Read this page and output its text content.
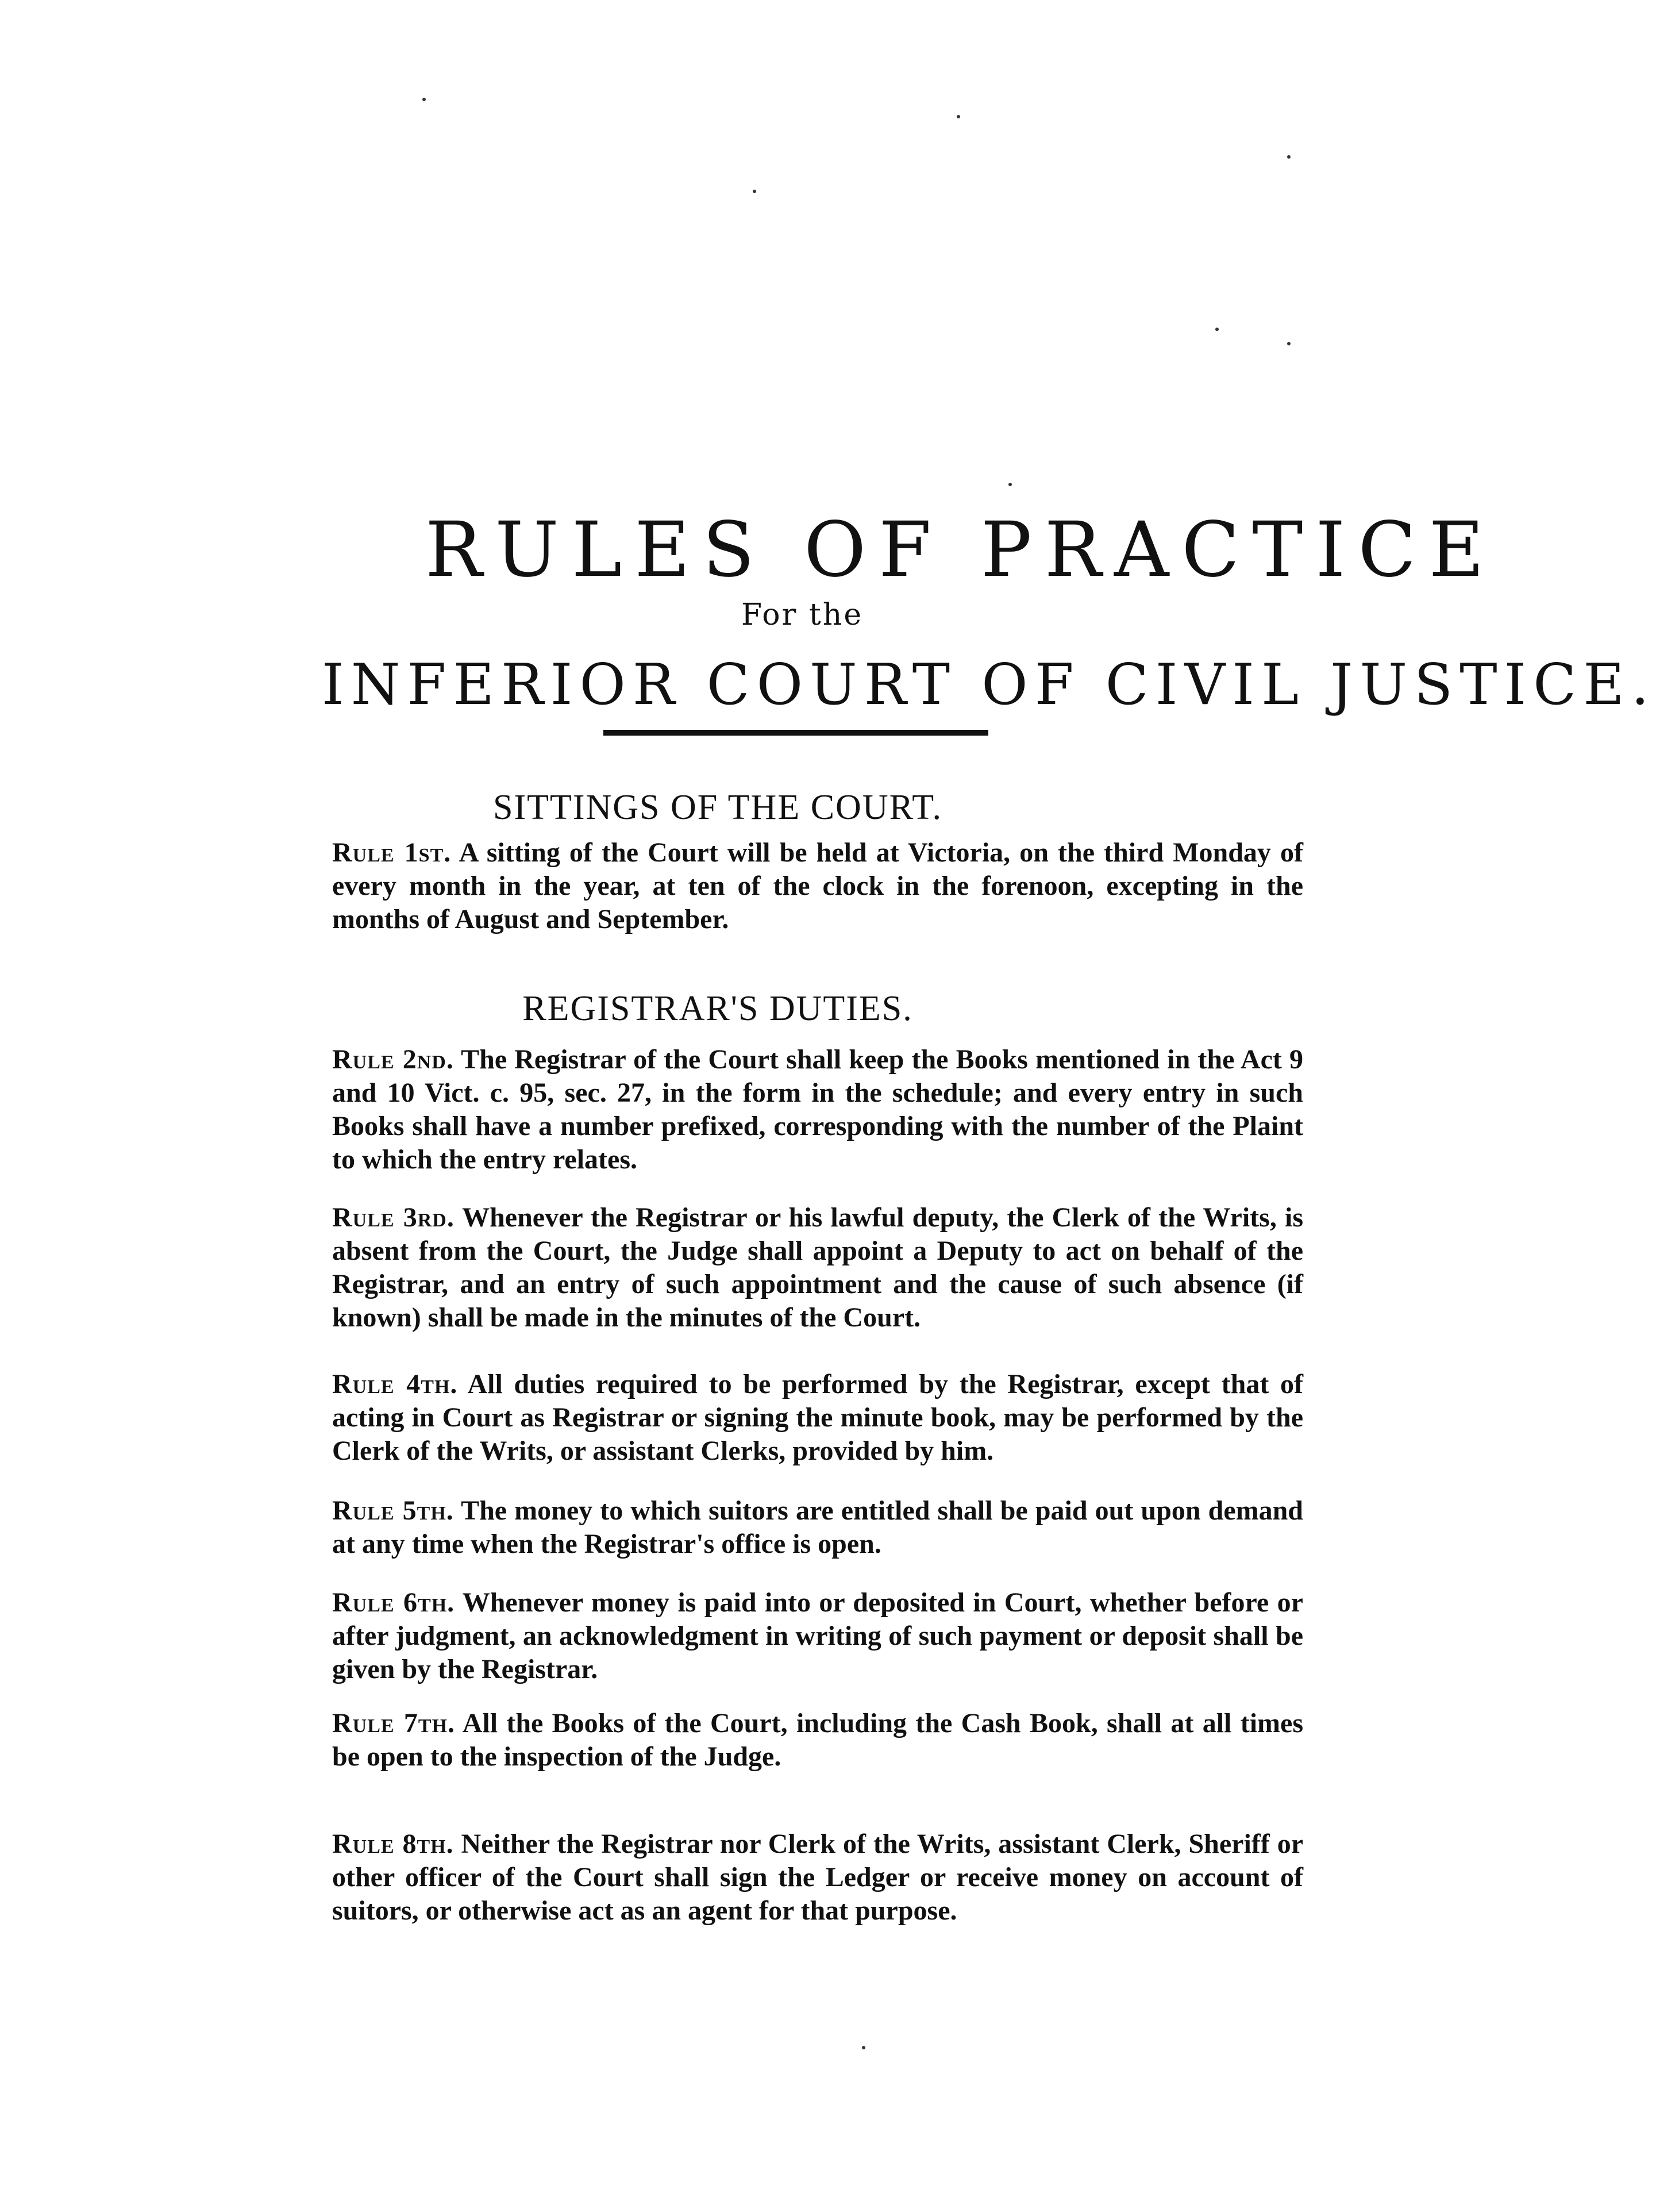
RULES OF PRACTICE
For the
INFERIOR COURT OF CIVIL JUSTICE.
SITTINGS OF THE COURT.
Rule 1st. A sitting of the Court will be held at Victoria, on the third Monday of every month in the year, at ten of the clock in the forenoon, excepting in the months of August and September.
REGISTRAR'S DUTIES.
Rule 2nd. The Registrar of the Court shall keep the Books mentioned in the Act 9 and 10 Vict. c. 95, sec. 27, in the form in the schedule; and every entry in such Books shall have a number prefixed, corresponding with the number of the Plaint to which the entry relates.
Rule 3rd. Whenever the Registrar or his lawful deputy, the Clerk of the Writs, is absent from the Court, the Judge shall appoint a Deputy to act on behalf of the Registrar, and an entry of such appointment and the cause of such absence (if known) shall be made in the minutes of the Court.
Rule 4th. All duties required to be performed by the Registrar, except that of acting in Court as Registrar or signing the minute book, may be performed by the Clerk of the Writs, or assistant Clerks, provided by him.
Rule 5th. The money to which suitors are entitled shall be paid out upon demand at any time when the Registrar's office is open.
Rule 6th. Whenever money is paid into or deposited in Court, whether before or after judgment, an acknowledgment in writing of such payment or deposit shall be given by the Registrar.
Rule 7th. All the Books of the Court, including the Cash Book, shall at all times be open to the inspection of the Judge.
Rule 8th. Neither the Registrar nor Clerk of the Writs, assistant Clerk, Sheriff or other officer of the Court shall sign the Ledger or receive money on account of suitors, or otherwise act as an agent for that purpose.
